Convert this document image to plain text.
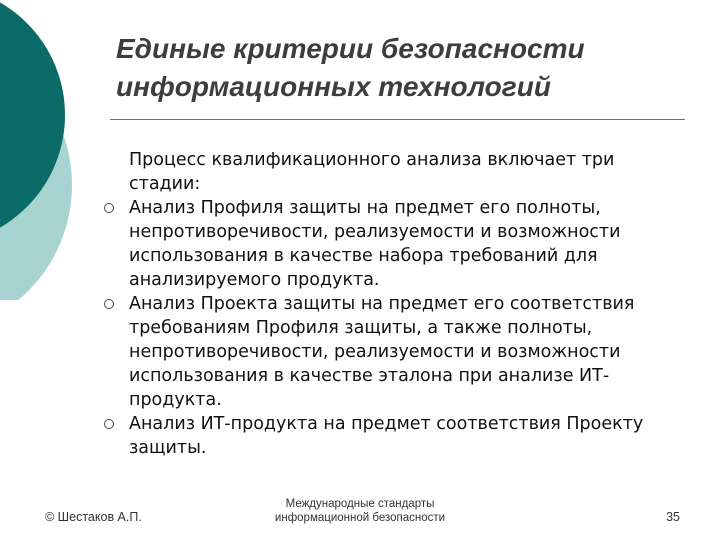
Единые критерии безопасности
информационных технологий

Процесс квалификационного анализа включает три стадии:

Анализ Профиля защиты на предмет его полноты, непротиворечивости, реализуемости и возможности использования в качестве набора требований для анализируемого продукта.
Анализ Проекта защиты на предмет его соответствия требованиям Профиля защиты, а также полноты, непротиворечивости, реализуемости и возможности использования в качестве эталона при анализе ИТ-продукта.
Анализ ИТ-продукта на предмет соответствия Проекту защиты.
© Шестаков А.П.
Международные стандарты
информационной безопасности	35
